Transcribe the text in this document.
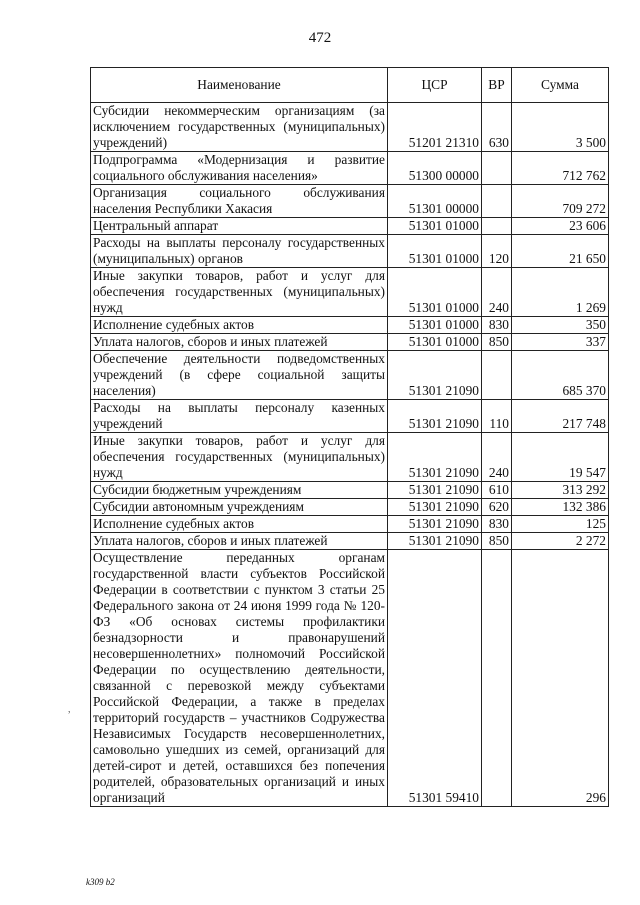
472
Наименование	ЦСР	ВР	Сумма
Субсидии некоммерческим организациям (за исключением государственных (муниципальных) учреждений)	51201 21310	630	3 500
Подпрограмма «Модернизация и развитие социального обслуживания населения»	51300 00000		712 762
Организация социального обслуживания населения Республики Хакасия	51301 00000		709 272
Центральный аппарат	51301 01000		23 606
Расходы на выплаты персоналу государственных (муниципальных) органов	51301 01000	120	21 650
Иные закупки товаров, работ и услуг для обеспечения государственных (муниципальных) нужд	51301 01000	240	1 269
Исполнение судебных актов	51301 01000	830	350
Уплата налогов, сборов и иных платежей	51301 01000	850	337
Обеспечение деятельности подведомственных учреждений (в сфере социальной защиты населения)	51301 21090		685 370
Расходы на выплаты персоналу казенных учреждений	51301 21090	110	217 748
Иные закупки товаров, работ и услуг для обеспечения государственных (муниципальных) нужд	51301 21090	240	19 547
Субсидии бюджетным учреждениям	51301 21090	610	313 292
Субсидии автономным учреждениям	51301 21090	620	132 386
Исполнение судебных актов	51301 21090	830	125
Уплата налогов, сборов и иных платежей	51301 21090	850	2 272
Осуществление переданных органам государственной власти субъектов Российской Федерации в соответствии с пунктом 3 статьи 25 Федерального закона от 24 июня 1999 года № 120-ФЗ «Об основах системы профилактики безнадзорности и правонарушений несовершеннолетних» полномочий Российской Федерации по осуществлению деятельности, связанной с перевозкой между субъектами Российской Федерации, а также в пределах территорий государств – участников Содружества Независимых Государств несовершеннолетних, самовольно ушедших из семей, организаций для детей-сирот и детей, оставшихся без попечения родителей, образовательных организаций и иных организаций	51301 59410		296
,
k309 b2
